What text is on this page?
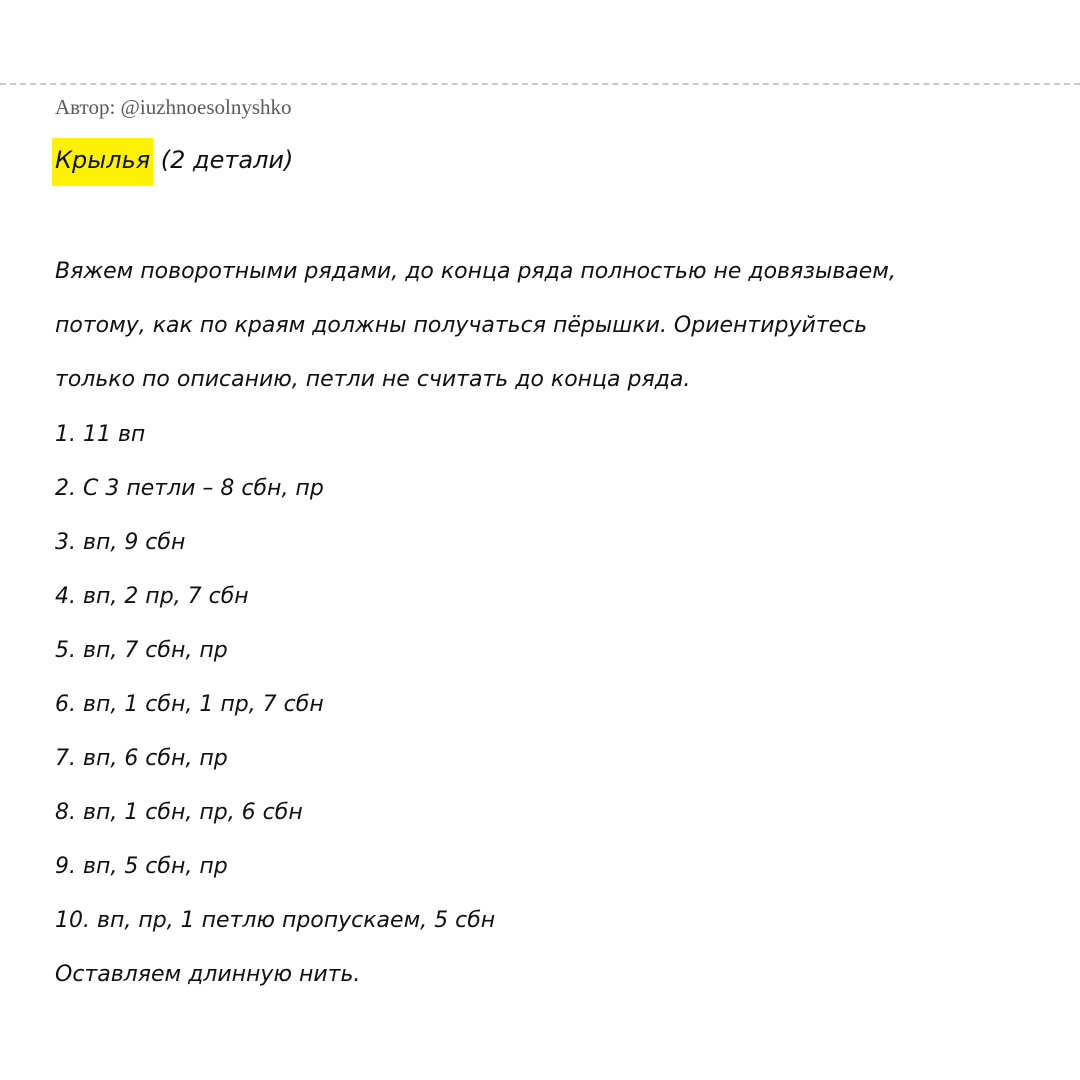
Автор: @iuzhnoesolnyshko
Крылья (2 детали)
Вяжем поворотными рядами, до конца ряда полностью не довязываем,
потому, как по краям должны получаться пёрышки. Ориентируйтесь
только по описанию, петли не считать до конца ряда.
1. 11 вп
2. С 3 петли – 8 сбн, пр
3. вп, 9 сбн
4. вп, 2 пр, 7 сбн
5. вп, 7 сбн, пр
6. вп, 1 сбн, 1 пр, 7 сбн
7. вп, 6 сбн, пр
8. вп, 1 сбн, пр, 6 сбн
9. вп, 5 сбн, пр
10. вп, пр, 1 петлю пропускаем, 5 сбн
Оставляем длинную нить.
